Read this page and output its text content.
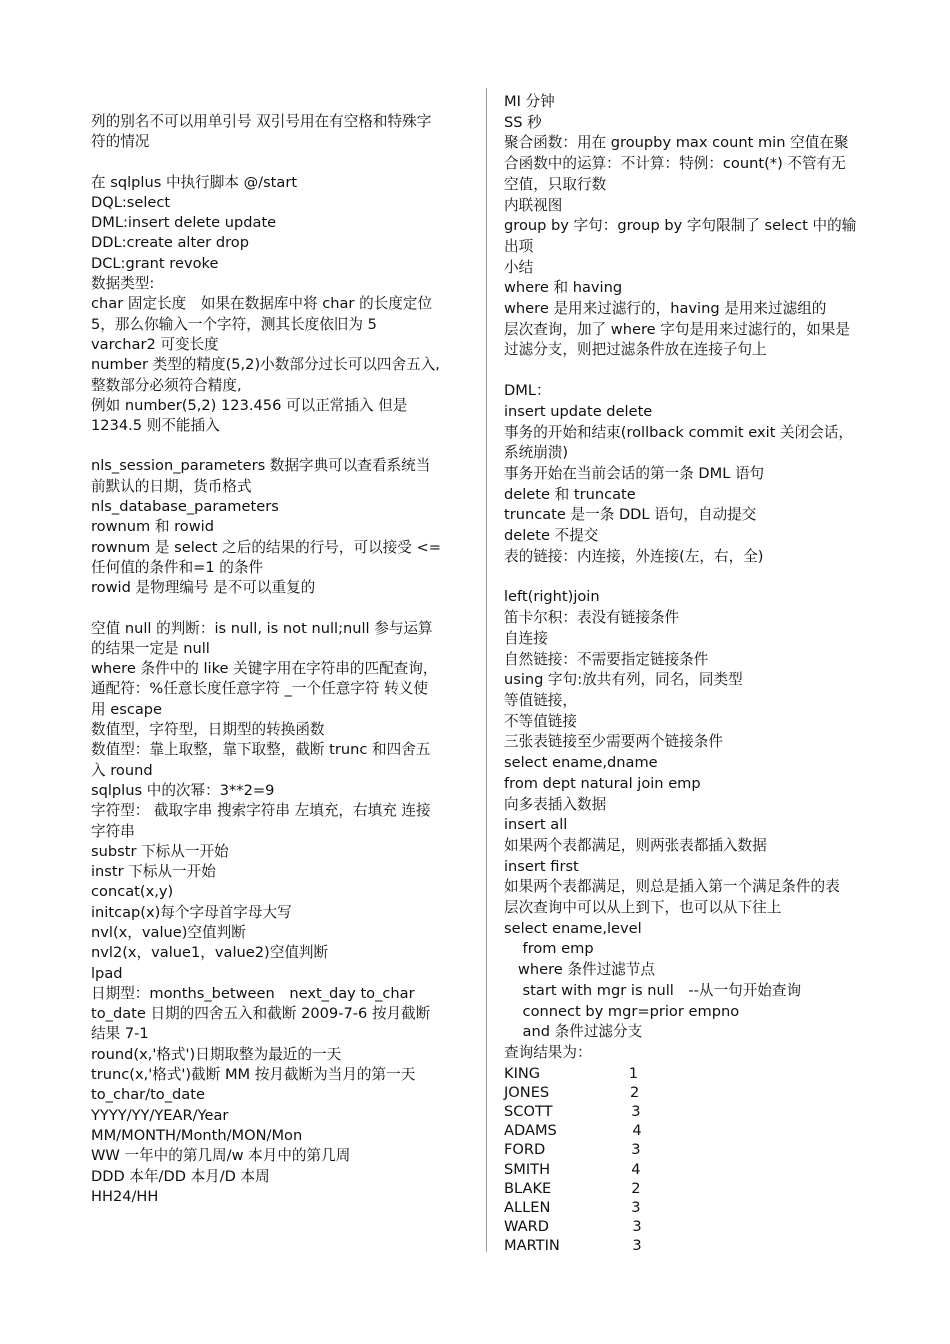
列的别名不可以用单引号 双引号用在有空格和特殊字
符的情况
在 sqlplus 中执行脚本 @/start
DQL:select
DML:insert delete update
DDL:create alter drop
DCL:grant revoke
数据类型:
char 固定长度　如果在数据库中将 char 的长度定位
5，那么你输入一个字符，测其长度依旧为 5
varchar2 可变长度
number 类型的精度(5,2)小数部分过长可以四舍五入,
整数部分必须符合精度,
例如 number(5,2) 123.456 可以正常插入 但是
1234.5 则不能插入
nls_session_parameters 数据字典可以查看系统当
前默认的日期，货币格式
nls_database_parameters
rownum 和 rowid
rownum 是 select 之后的结果的行号，可以接受 <=
任何值的条件和=1 的条件
rowid 是物理编号 是不可以重复的
空值 null 的判断：is null, is not null;null 参与运算
的结果一定是 null
where 条件中的 like 关键字用在字符串的匹配查询，
通配符：%任意长度任意字符 _一个任意字符 转义使
用 escape
数值型，字符型，日期型的转换函数
数值型：靠上取整，靠下取整，截断 trunc 和四舍五
入 round
sqlplus 中的次幂：3**2=9
字符型： 截取字串 搜索字符串 左填充，右填充 连接
字符串
substr 下标从一开始
instr 下标从一开始
concat(x,y)
initcap(x)每个字母首字母大写
nvl(x，value)空值判断
nvl2(x，value1，value2)空值判断
lpad
日期型：months_between　next_day to_char
to_date 日期的四舍五入和截断 2009-7-6 按月截断
结果 7-1
round(x,'格式')日期取整为最近的一天
trunc(x,'格式')截断 MM 按月截断为当月的第一天
to_char/to_date
YYYY/YY/YEAR/Year
MM/MONTH/Month/MON/Mon
WW 一年中的第几周/w 本月中的第几周
DDD 本年/DD 本月/D 本周
HH24/HH
MI 分钟
SS 秒
聚合函数：用在 groupby max count min 空值在聚
合函数中的运算：不计算：特例：count(*) 不管有无
空值，只取行数
内联视图
group by 字句：group by 字句限制了 select 中的输
出项
小结
where 和 having
where 是用来过滤行的，having 是用来过滤组的
层次查询，加了 where 字句是用来过滤行的，如果是
过滤分支，则把过滤条件放在连接子句上
DML：
insert update delete
事务的开始和结束(rollback commit exit 关闭会话，
系统崩溃)
事务开始在当前会话的第一条 DML 语句
delete 和 truncate
truncate 是一条 DDL 语句，自动提交
delete 不提交
表的链接：内连接，外连接(左，右，全)
left(right)join
笛卡尔积：表没有链接条件
自连接
自然链接：不需要指定链接条件
using 字句:放共有列，同名，同类型
等值链接，
不等值链接
三张表链接至少需要两个链接条件
select ename,dname
from dept natural join emp
向多表插入数据
insert all
如果两个表都满足，则两张表都插入数据
insert first
如果两个表都满足，则总是插入第一个满足条件的表
层次查询中可以从上到下，也可以从下往上
select ename,level
from emp
where 条件过滤节点
start with mgr is null　--从一句开始查询
connect by mgr=prior empno
and 条件过滤分支
查询结果为：
KING	1
JONES	2
SCOTT	3
ADAMS	4
FORD	3
SMITH	4
BLAKE	2
ALLEN	3
WARD	3
MARTIN	3
